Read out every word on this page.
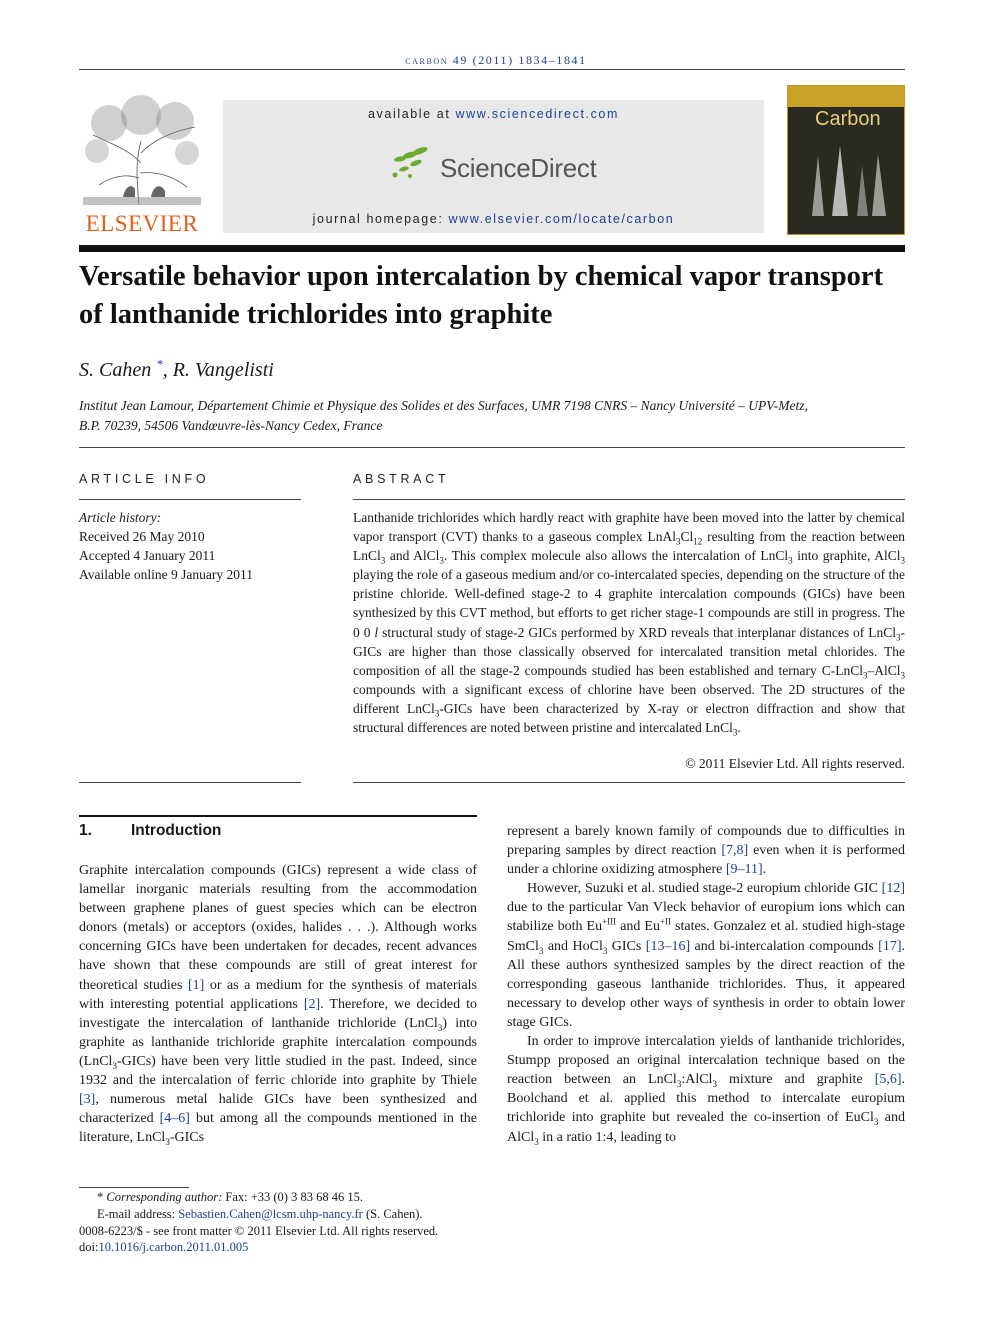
carbon 49 (2011) 1834–1841
ELSEVIER
available at www.sciencedirect.com
ScienceDirect
journal homepage: www.elsevier.com/locate/carbon
Carbon
Versatile behavior upon intercalation by chemical vapor transport of lanthanide trichlorides into graphite
S. Cahen *, R. Vangelisti
Institut Jean Lamour, Département Chimie et Physique des Solides et des Surfaces, UMR 7198 CNRS – Nancy Université – UPV-Metz,
B.P. 70239, 54506 Vandœuvre-lès-Nancy Cedex, France
ARTICLE INFO
Article history:
Received 26 May 2010
Accepted 4 January 2011
Available online 9 January 2011
ABSTRACT
Lanthanide trichlorides which hardly react with graphite have been moved into the latter by chemical vapor transport (CVT) thanks to a gaseous complex $LnAl_3Cl_{12}$ resulting from the reaction between LnCl$_3$ and AlCl$_3$. This complex molecule also allows the intercalation of LnCl$_3$ into graphite, AlCl$_3$ playing the role of a gaseous medium and/or co-intercalated species, depending on the structure of the pristine chloride. Well-defined stage-2 to 4 graphite intercalation compounds (GICs) have been synthesized by this CVT method, but efforts to get richer stage-1 compounds are still in progress. The 0 0 l structural study of stage-2 GICs performed by XRD reveals that interplanar distances of LnCl$_3$-GICs are higher than those classically observed for intercalated transition metal chlorides. The composition of all the stage-2 compounds studied has been established and ternary C-LnCl$_3$–AlCl$_3$ compounds with a significant excess of chlorine have been observed. The 2D structures of the different LnCl$_3$-GICs have been characterized by X-ray or electron diffraction and show that structural differences are noted between pristine and intercalated LnCl$_3$.
© 2011 Elsevier Ltd. All rights reserved.
1.	Introduction

Graphite intercalation compounds (GICs) represent a wide class of lamellar inorganic materials resulting from the accommodation between graphene planes of guest species which can be electron donors (metals) or acceptors (oxides, halides . . .). Although works concerning GICs have been undertaken for decades, recent advances have shown that these compounds are still of great interest for theoretical studies [1] or as a medium for the synthesis of materials with interesting potential applications [2]. Therefore, we decided to investigate the intercalation of lanthanide trichloride (LnCl$_3$) into graphite as lanthanide trichloride graphite intercalation compounds (LnCl$_3$-GICs) have been very little studied in the past. Indeed, since 1932 and the intercalation of ferric chloride into graphite by Thiele [3], numerous metal halide GICs have been synthesized and characterized [4–6] but among all the compounds mentioned in the literature, LnCl$_3$-GICs

represent a barely known family of compounds due to difficulties in preparing samples by direct reaction [7,8] even when it is performed under a chlorine oxidizing atmosphere [9–11].

However, Suzuki et al. studied stage-2 europium chloride GIC [12] due to the particular Van Vleck behavior of europium ions which can stabilize both $Eu^{+III}$ and $Eu^{+II}$ states. Gonzalez et al. studied high-stage SmCl$_3$ and HoCl$_3$ GICs [13–16] and bi-intercalation compounds [17]. All these authors synthesized samples by the direct reaction of the corresponding gaseous lanthanide trichlorides. Thus, it appeared necessary to develop other ways of synthesis in order to obtain lower stage GICs.

In order to improve intercalation yields of lanthanide trichlorides, Stumpp proposed an original intercalation technique based on the reaction between an LnCl$_3$:AlCl$_3$ mixture and graphite [5,6]. Boolchand et al. applied this method to intercalate europium trichloride into graphite but revealed the co-insertion of EuCl$_3$ and AlCl$_3$ in a ratio 1:4, leading to

* Corresponding author: Fax: +33 (0) 3 83 68 46 15.
E-mail address: Sebastien.Cahen@lcsm.uhp-nancy.fr (S. Cahen).
0008-6223/$ - see front matter © 2011 Elsevier Ltd. All rights reserved.
doi:10.1016/j.carbon.2011.01.005
